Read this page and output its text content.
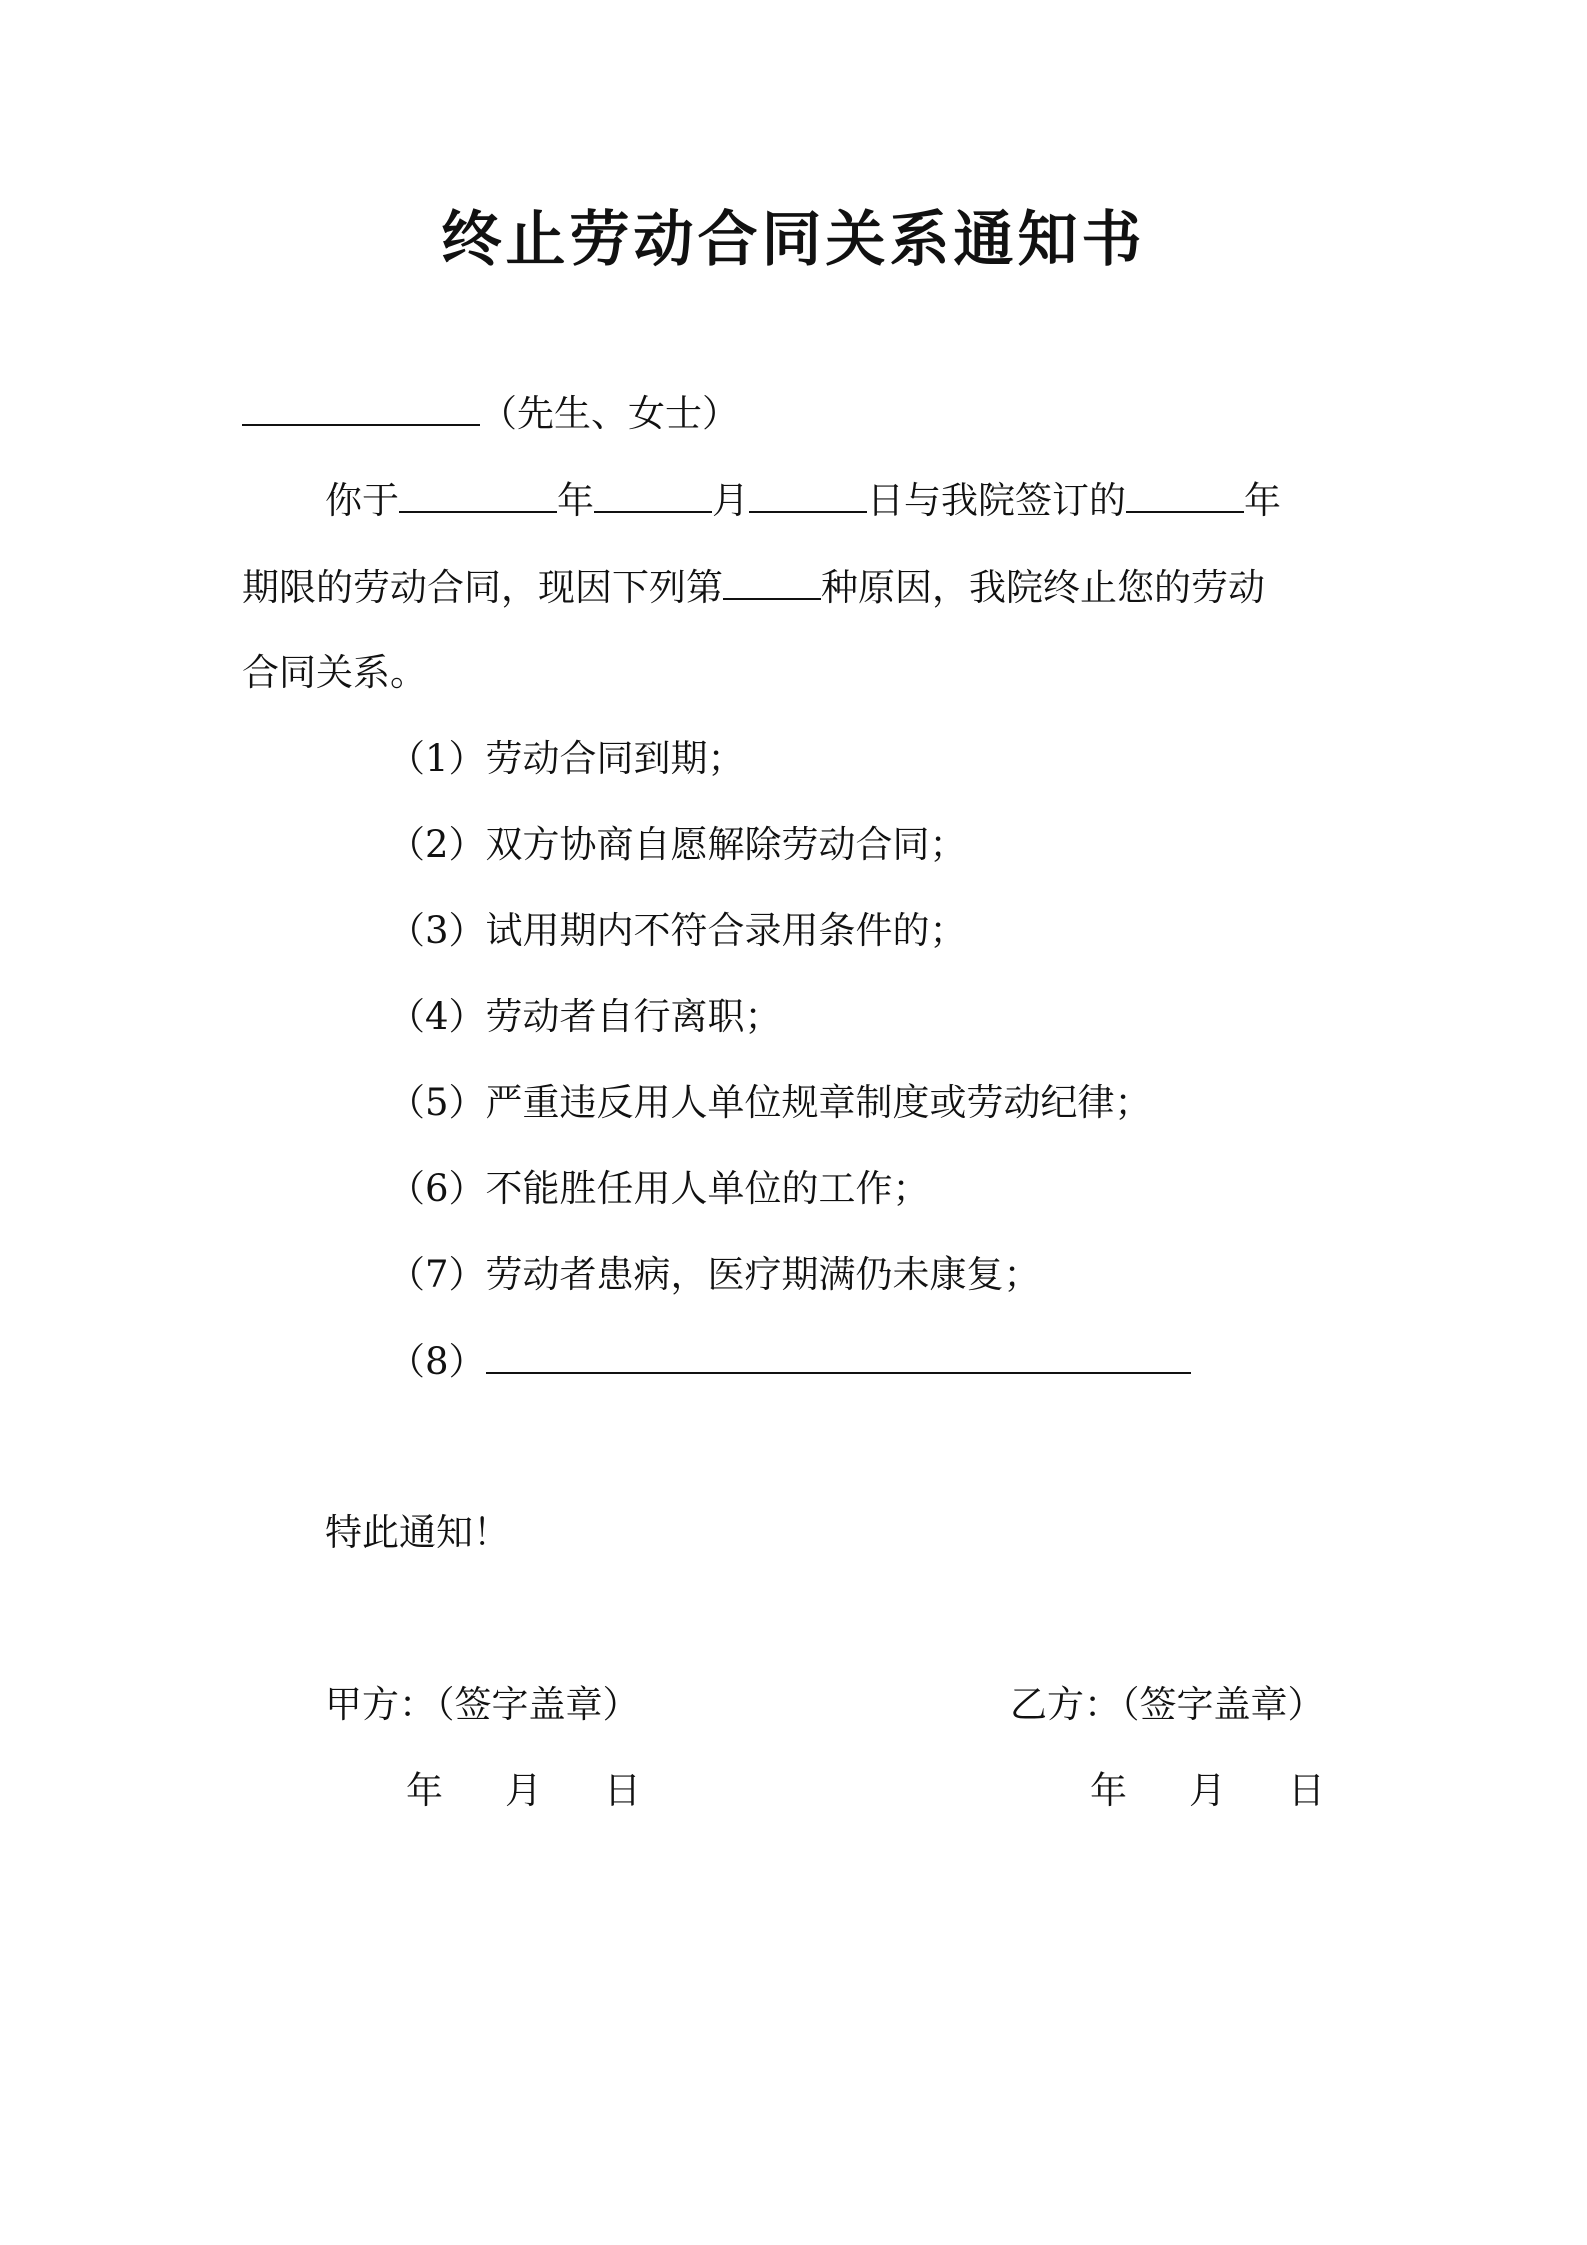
终止劳动合同关系通知书
（先生、女士）
你于	年	月	日与我院签订的	年
期限的劳动合同，现因下列第	种原因，我院终止您的劳动
合同关系。
（1）劳动合同到期；
（2）双方协商自愿解除劳动合同；
（3）试用期内不符合录用条件的；
（4）劳动者自行离职；
（5）严重违反用人单位规章制度或劳动纪律；
（6）不能胜任用人单位的工作；
（7）劳动者患病，医疗期满仍未康复；
（8）
特此通知！
甲方：（签字盖章）	乙方：（签字盖章）
年 月 日	年 月 日
